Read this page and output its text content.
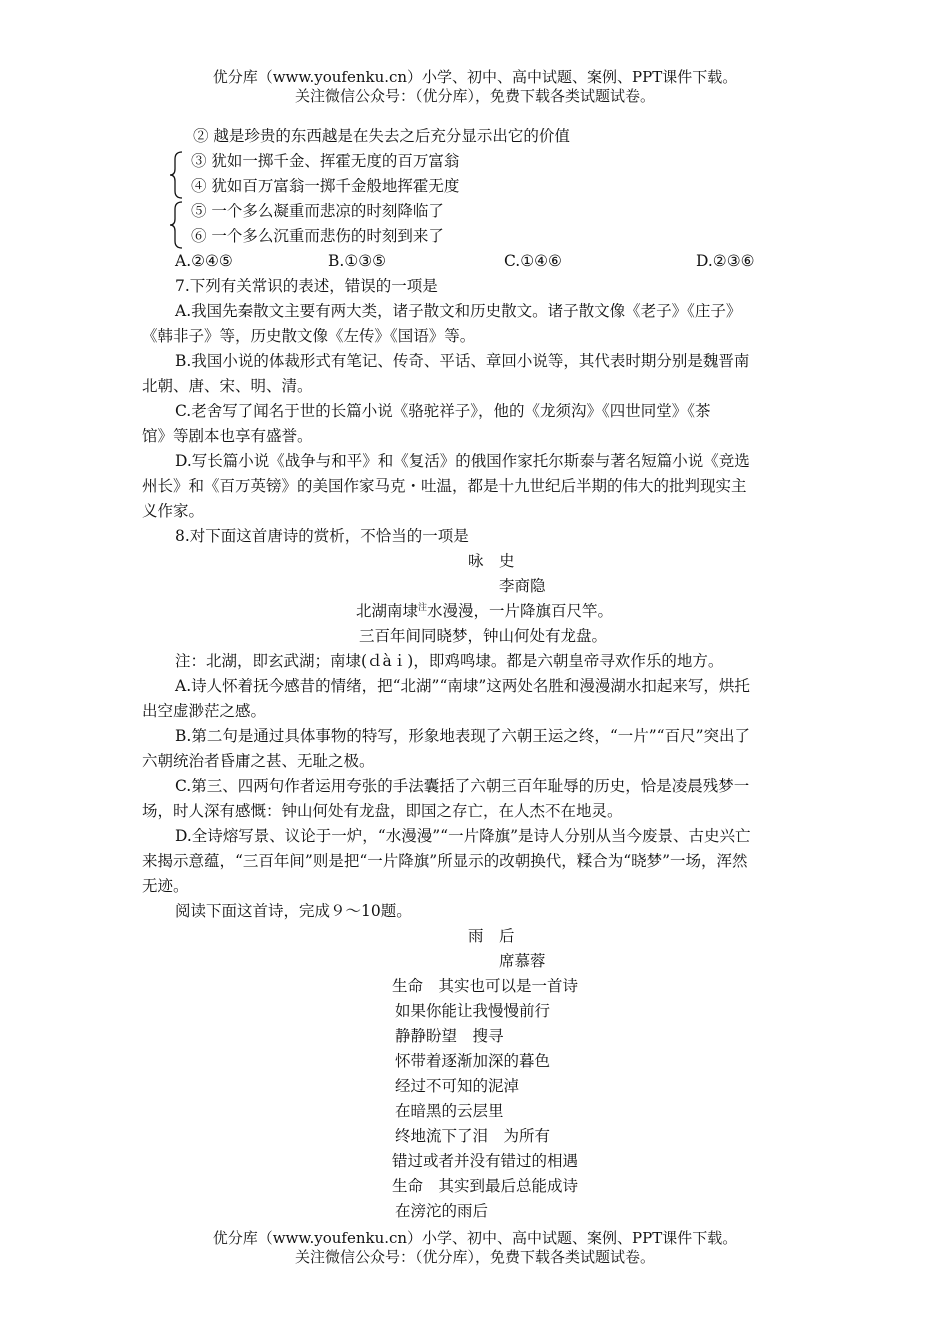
优分库（www.youfenku.cn）小学、初中、高中试题、案例、PPT课件下载。
关注微信公众号：（优分库），免费下载各类试题试卷。
② 越是珍贵的东西越是在失去之后充分显示出它的价值
③ 犹如一掷千金、挥霍无度的百万富翁
④ 犹如百万富翁一掷千金般地挥霍无度
⑤ 一个多么凝重而悲凉的时刻降临了
⑥ 一个多么沉重而悲伤的时刻到来了
A.②④⑤	B.①③⑤	C.①④⑥	D.②③⑥
7.下列有关常识的表述，错误的一项是
A.我国先秦散文主要有两大类，诸子散文和历史散文。诸子散文像《老子》《庄子》
《韩非子》等，历史散文像《左传》《国语》等。
B.我国小说的体裁形式有笔记、传奇、平话、章回小说等，其代表时期分别是魏晋南
北朝、唐、宋、明、清。
C.老舍写了闻名于世的长篇小说《骆驼祥子》，他的《龙须沟》《四世同堂》《茶
馆》等剧本也享有盛誉。
D.写长篇小说《战争与和平》和《复活》的俄国作家托尔斯泰与著名短篇小说《竞选
州长》和《百万英镑》的美国作家马克・吐温，都是十九世纪后半期的伟大的批判现实主
义作家。
8.对下面这首唐诗的赏析，不恰当的一项是
咏　史
李商隐
北湖南埭$^注$水漫漫，一片降旗百尺竿。
三百年间同晓梦，钟山何处有龙盘。
注：北湖，即玄武湖；南埭(ｄàｉ)，即鸡鸣埭。都是六朝皇帝寻欢作乐的地方。
A.诗人怀着抚今感昔的情绪，把“北湖”“南埭”这两处名胜和漫漫湖水扣起来写，烘托
出空虚渺茫之感。
B.第二句是通过具体事物的特写，形象地表现了六朝王运之终，“一片”“百尺”突出了
六朝统治者昏庸之甚、无耻之极。
C.第三、四两句作者运用夸张的手法囊括了六朝三百年耻辱的历史，恰是凌晨残梦一
场，时人深有感慨：钟山何处有龙盘，即国之存亡，在人杰不在地灵。
D.全诗熔写景、议论于一炉，“水漫漫”“一片降旗”是诗人分别从当今废景、古史兴亡
来揭示意蕴，“三百年间”则是把“一片降旗”所显示的改朝换代，糅合为“晓梦”一场，浑然
无迹。
阅读下面这首诗，完成９～10题。
雨　后
席慕蓉
生命　其实也可以是一首诗
如果你能让我慢慢前行
静静盼望　搜寻
怀带着逐渐加深的暮色
经过不可知的泥淖
在暗黑的云层里
终地流下了泪　为所有
错过或者并没有错过的相遇
生命　其实到最后总能成诗
在滂沱的雨后
优分库（www.youfenku.cn）小学、初中、高中试题、案例、PPT课件下载。
关注微信公众号：（优分库），免费下载各类试题试卷。
